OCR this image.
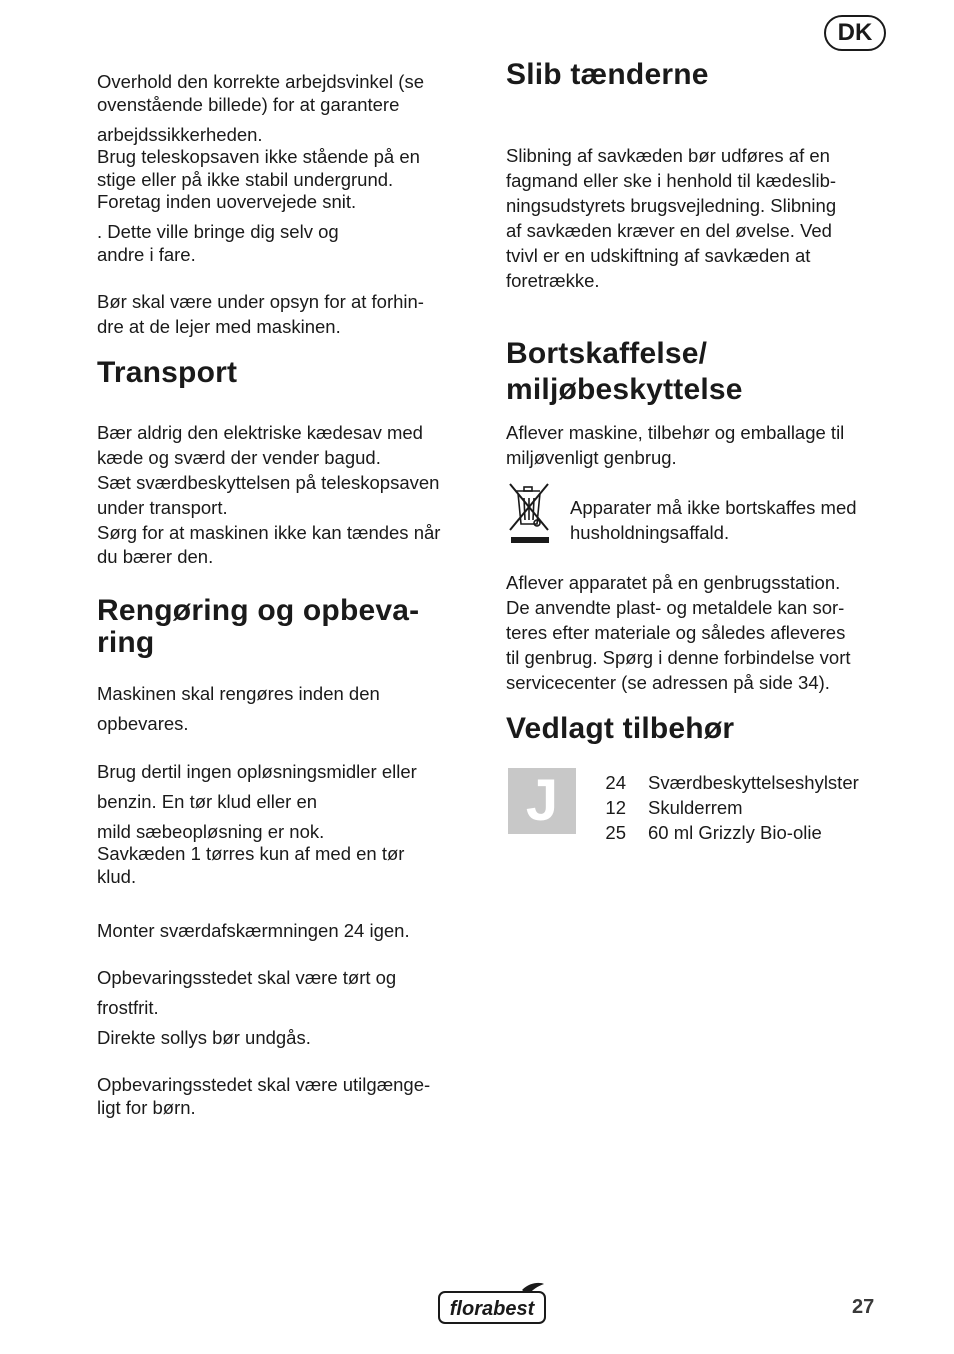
DK

Overhold den korrekte arbejdsvinkel (se

ovenstående billede) for at garantere

arbejdssikkerheden.

Brug teleskopsaven ikke stående på en

stige eller på ikke stabil undergrund.

Foretag inden uovervejede snit.

. Dette ville bringe dig selv og

andre i fare.

Bør skal være under opsyn for at forhin-

dre at de lejer med maskinen.

Transport

Bær aldrig den elektriske kædesav med

kæde og sværd der vender bagud.

Sæt sværdbeskyttelsen på teleskopsaven

under transport.

Sørg for at maskinen ikke kan tændes når

du bærer den.

Rengøring og opbeva-
ring

Maskinen skal rengøres inden den

opbevares.

Brug dertil ingen opløsningsmidler eller

benzin. En tør klud eller en

mild sæbeopløsning er nok.

Savkæden 1 tørres kun af med en tør

klud.

Monter sværdafskærmningen 24 igen.

Opbevaringsstedet skal være tørt og

frostfrit.

Direkte sollys bør undgås.

Opbevaringsstedet skal være utilgænge-

ligt for børn.

Slib tænderne

Slibning af savkæden bør udføres af en

fagmand eller ske i henhold til kædeslib-

ningsudstyrets brugsvejledning. Slibning

af savkæden kræver en del øvelse. Ved

tvivl er en udskiftning af savkæden at

foretrække.

Bortskaffelse/
miljøbeskyttelse

Aflever maskine, tilbehør og emballage til

miljøvenligt genbrug.

Apparater må ikke bortskaffes med

husholdningsaffald.

Aflever apparatet på en genbrugsstation.

De anvendte plast- og metaldele kan sor-

teres efter materiale og således afleveres

til genbrug. Spørg i denne forbindelse vort

servicecenter (se adressen på side 34).

Vedlagt tilbehør
J	24 Sværdbeskyttelseshylster

12 Skulderrem

25 60 ml Grizzly Bio-olie

florabest	27
